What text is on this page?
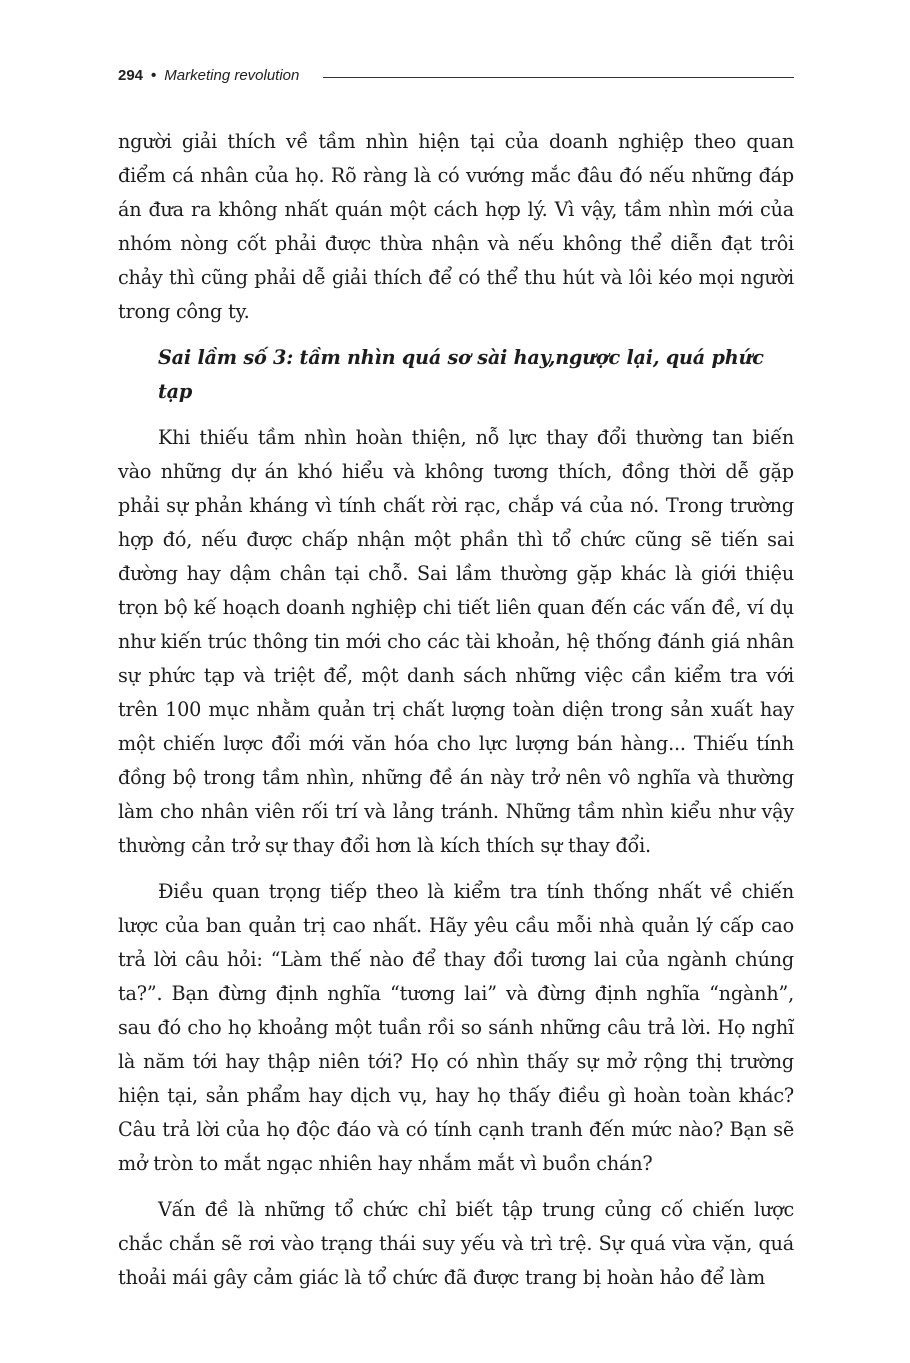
294 • Marketing revolution

người giải thích về tầm nhìn hiện tại của doanh nghiệp theo quan điểm cá nhân của họ. Rõ ràng là có vướng mắc đâu đó nếu những đáp án đưa ra không nhất quán một cách hợp lý. Vì vậy, tầm nhìn mới của nhóm nòng cốt phải được thừa nhận và nếu không thể diễn đạt trôi chảy thì cũng phải dễ giải thích để có thể thu hút và lôi kéo mọi người trong công ty.

Sai lầm số 3: tầm nhìn quá sơ sài hay,ngược lại, quá phức tạp

Khi thiếu tầm nhìn hoàn thiện, nỗ lực thay đổi thường tan biến vào những dự án khó hiểu và không tương thích, đồng thời dễ gặp phải sự phản kháng vì tính chất rời rạc, chắp vá của nó. Trong trường hợp đó, nếu được chấp nhận một phần thì tổ chức cũng sẽ tiến sai đường hay dậm chân tại chỗ. Sai lầm thường gặp khác là giới thiệu trọn bộ kế hoạch doanh nghiệp chi tiết liên quan đến các vấn đề, ví dụ như kiến trúc thông tin mới cho các tài khoản, hệ thống đánh giá nhân sự phức tạp và triệt để, một danh sách những việc cần kiểm tra với trên 100 mục nhằm quản trị chất lượng toàn diện trong sản xuất hay một chiến lược đổi mới văn hóa cho lực lượng bán hàng... Thiếu tính đồng bộ trong tầm nhìn, những đề án này trở nên vô nghĩa và thường làm cho nhân viên rối trí và lảng tránh. Những tầm nhìn kiểu như vậy thường cản trở sự thay đổi hơn là kích thích sự thay đổi.

Điều quan trọng tiếp theo là kiểm tra tính thống nhất về chiến lược của ban quản trị cao nhất. Hãy yêu cầu mỗi nhà quản lý cấp cao trả lời câu hỏi: “Làm thế nào để thay đổi tương lai của ngành chúng ta?”. Bạn đừng định nghĩa “tương lai” và đừng định nghĩa “ngành”, sau đó cho họ khoảng một tuần rồi so sánh những câu trả lời. Họ nghĩ là năm tới hay thập niên tới? Họ có nhìn thấy sự mở rộng thị trường hiện tại, sản phẩm hay dịch vụ, hay họ thấy điều gì hoàn toàn khác? Câu trả lời của họ độc đáo và có tính cạnh tranh đến mức nào? Bạn sẽ mở tròn to mắt ngạc nhiên hay nhắm mắt vì buồn chán?

Vấn đề là những tổ chức chỉ biết tập trung củng cố chiến lược chắc chắn sẽ rơi vào trạng thái suy yếu và trì trệ. Sự quá vừa vặn, quá thoải mái gây cảm giác là tổ chức đã được trang bị hoàn hảo để làm
